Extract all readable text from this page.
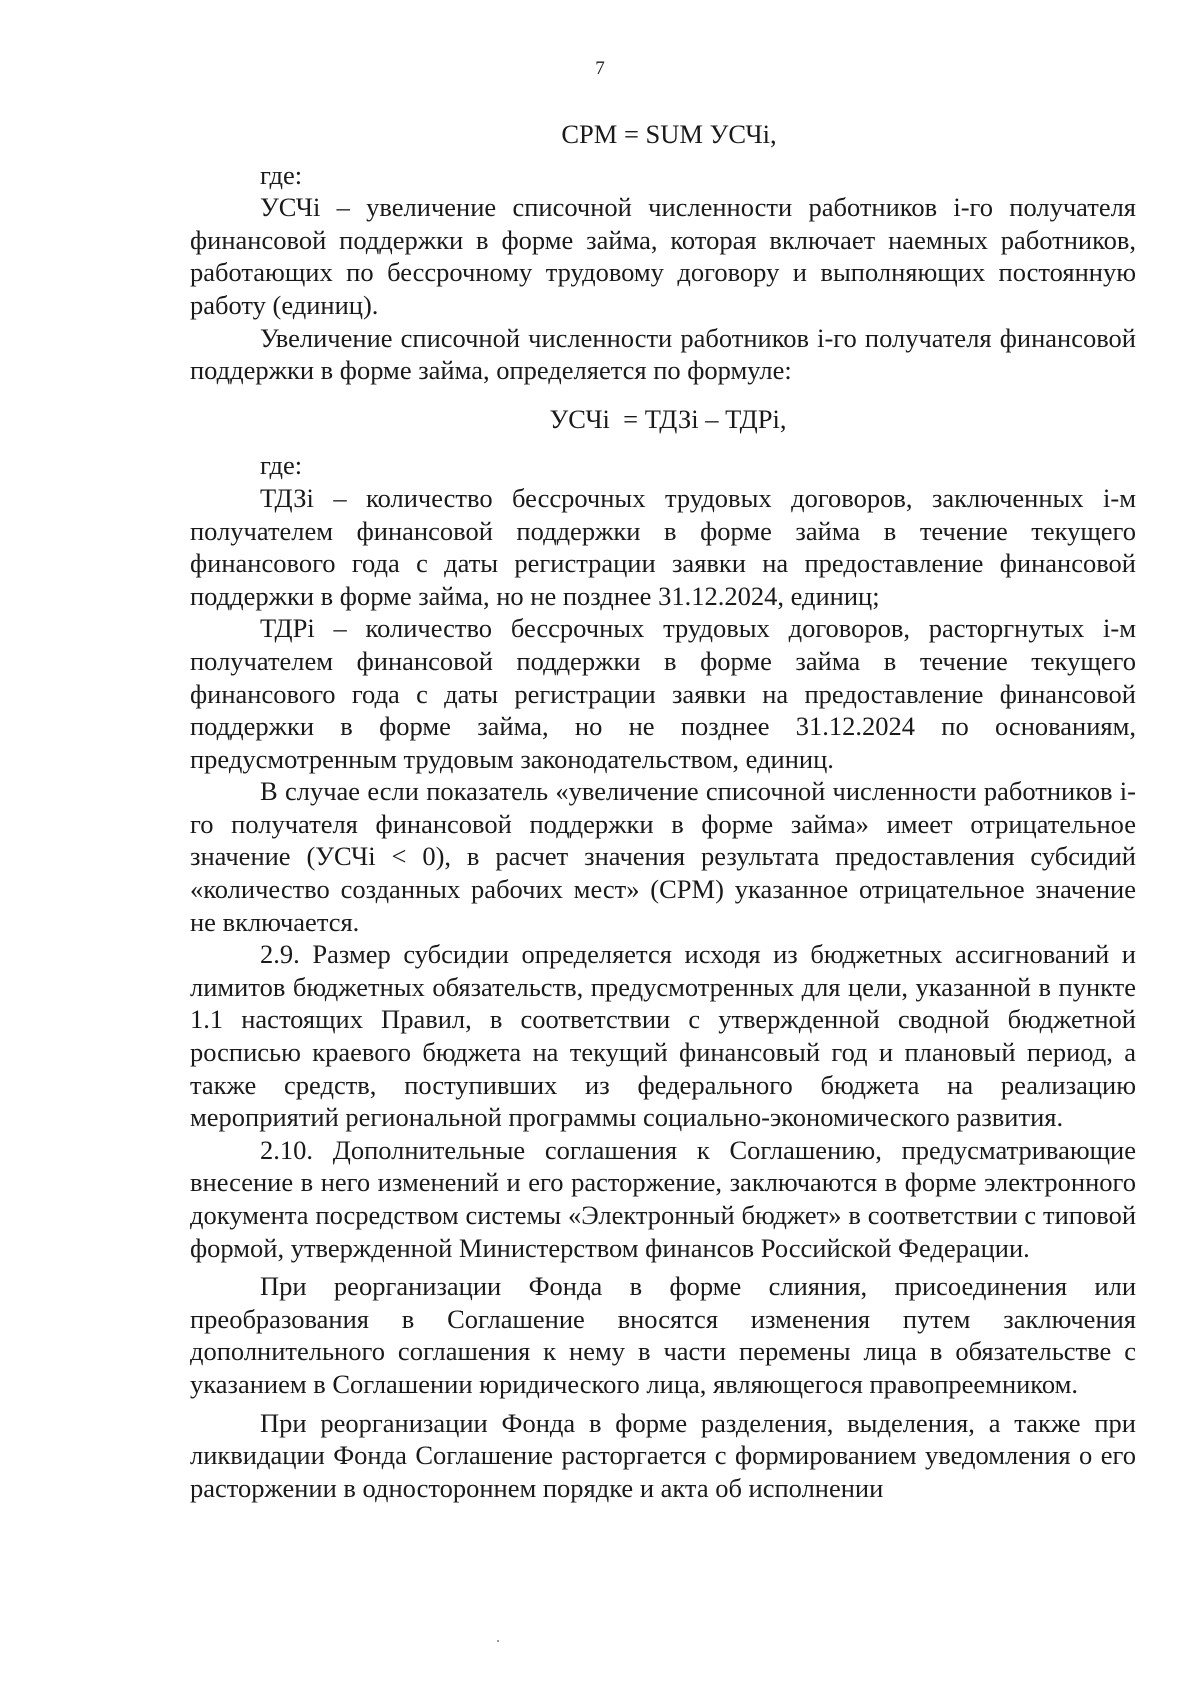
7
СРМ = SUM УСЧi,
где:

УСЧi – увеличение списочной численности работников i-го получателя финансовой поддержки в форме займа, которая включает наемных работников, работающих по бессрочному трудовому договору и выполняющих постоянную работу (единиц).

Увеличение списочной численности работников i-го получателя финансовой поддержки в форме займа, определяется по формуле:

УСЧi  = ТДЗi – ТДРi,
где:

ТДЗi – количество бессрочных трудовых договоров, заключенных i-м получателем финансовой поддержки в форме займа в течение текущего финансового года с даты регистрации заявки на предоставление финансовой поддержки в форме займа, но не позднее 31.12.2024, единиц;

ТДРi – количество бессрочных трудовых договоров, расторгнутых i-м получателем финансовой поддержки в форме займа в течение текущего финансового года с даты регистрации заявки на предоставление финансовой поддержки в форме займа, но не позднее 31.12.2024 по основаниям, предусмотренным трудовым законодательством, единиц.

В случае если показатель «увеличение списочной численности работников i-го получателя финансовой поддержки в форме займа» имеет отрицательное значение (УСЧi < 0), в расчет значения результата предоставления субсидий «количество созданных рабочих мест» (СРМ) указанное отрицательное значение не включается.

2.9. Размер субсидии определяется исходя из бюджетных ассигнований и лимитов бюджетных обязательств, предусмотренных для цели, указанной в пункте 1.1 настоящих Правил, в соответствии с утвержденной сводной бюджетной росписью краевого бюджета на текущий финансовый год и плановый период, а также средств, поступивших из федерального бюджета на реализацию мероприятий региональной программы социально-экономического развития.

2.10. Дополнительные соглашения к Соглашению, предусматривающие внесение в него изменений и его расторжение, заключаются в форме электронного документа посредством системы «Электронный бюджет» в соответствии с типовой формой, утвержденной Министерством финансов Российской Федерации.

При реорганизации Фонда в форме слияния, присоединения или преобразования в Соглашение вносятся изменения путем заключения дополнительного соглашения к нему в части перемены лица в обязательстве с указанием в Соглашении юридического лица, являющегося правопреемником.

При реорганизации Фонда в форме разделения, выделения, а также при ликвидации Фонда Соглашение расторгается с формированием уведомления о его расторжении в одностороннем порядке и акта об исполнении
